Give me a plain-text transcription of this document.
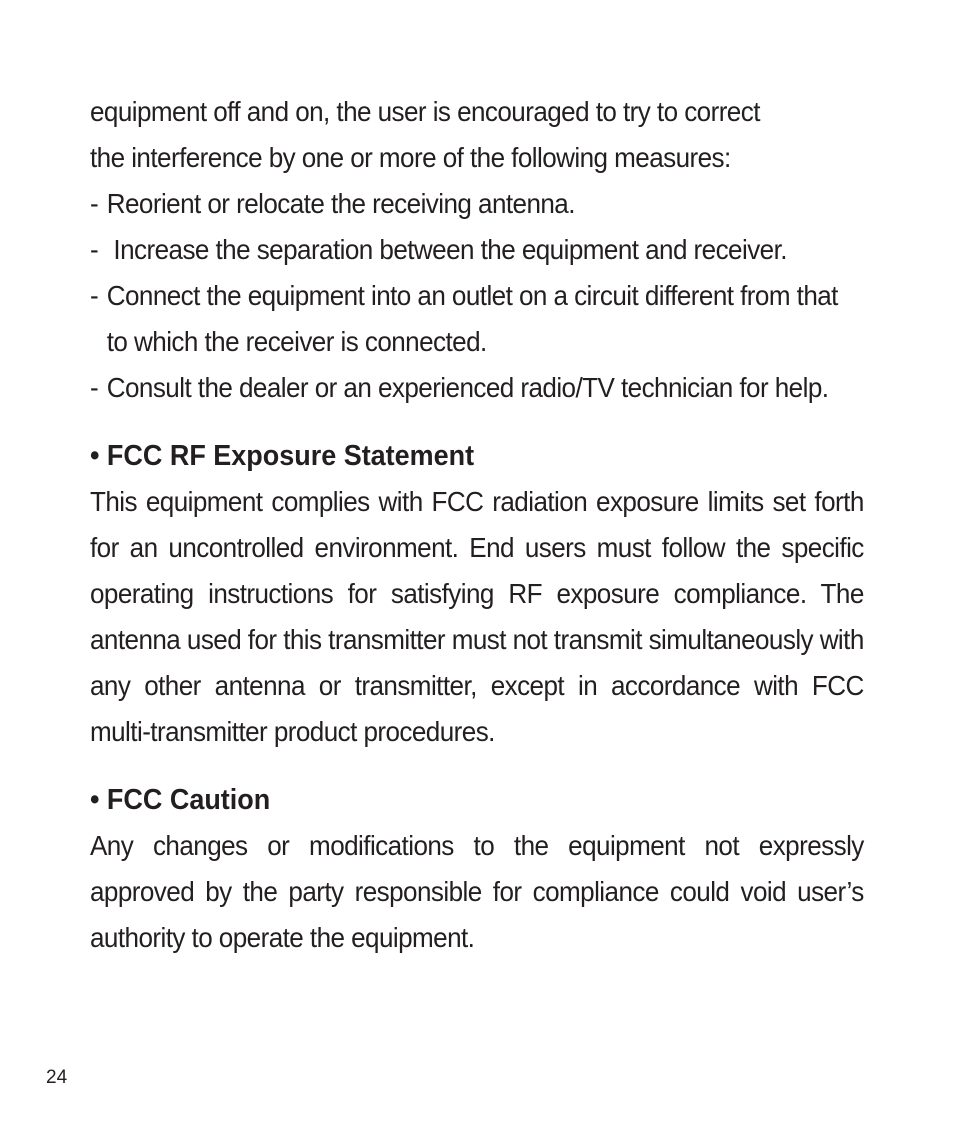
equipment off and on, the user is encouraged to try to correct

the interference by one or more of the following measures:

- Reorient or relocate the receiving antenna.
- Increase the separation between the equipment and receiver.
- Connect the equipment into an outlet on a circuit different from that to which the receiver is connected.
- Consult the dealer or an experienced radio/TV technician for help.
• FCC RF Exposure Statement

This equipment complies with FCC radiation exposure limits set forth for an uncontrolled environment. End users must follow the specific operating instructions for satisfying RF exposure compliance. The antenna used for this transmitter must not transmit simultaneously with any other antenna or transmitter, except in accordance with FCC multi-transmitter product procedures.

• FCC Caution

Any changes or modifications to the equipment not expressly approved by the party responsible for compliance could void user’s authority to operate the equipment.

24
